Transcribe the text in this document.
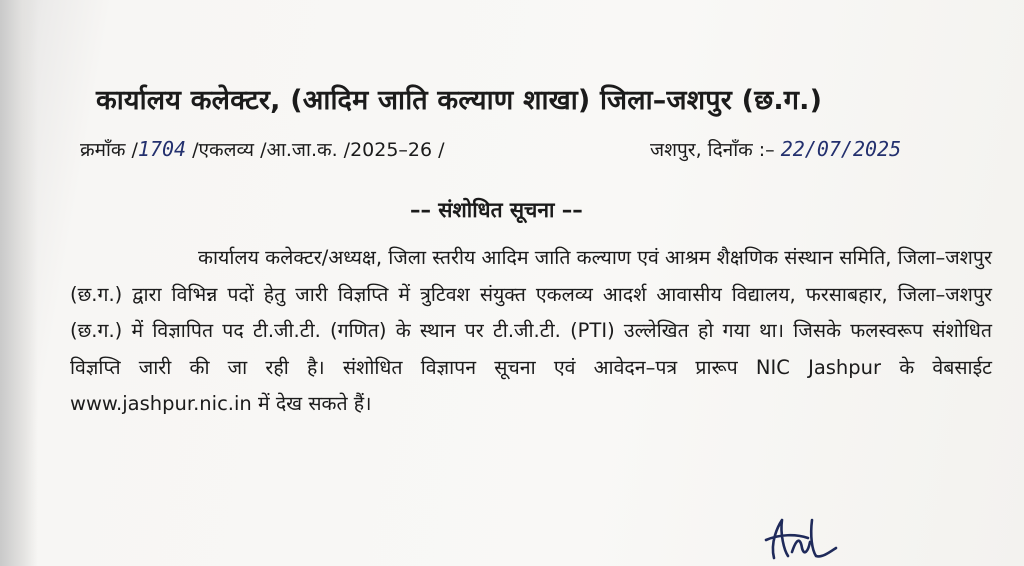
कार्यालय कलेक्टर, (आदिम जाति कल्याण शाखा) जिला–जशपुर (छ.ग.)
क्रमाँक /1704 /एकलव्य /आ.जा.क. /2025–26 /	जशपुर, दिनाँक :– 22/07/2025
–– संशोधित सूचना ––
कार्यालय कलेक्टर/अध्यक्ष, जिला स्तरीय आदिम जाति कल्याण एवं आश्रम शैक्षणिक संस्थान समिति, जिला–जशपुर (छ.ग.) द्वारा विभिन्न पदों हेतु जारी विज्ञप्ति में त्रुटिवश संयुक्त एकलव्य आदर्श आवासीय विद्यालय, फरसाबहार, जिला–जशपुर (छ.ग.) में विज्ञापित पद टी.जी.टी. (गणित) के स्थान पर टी.जी.टी. (PTI) उल्लेखित हो गया था। जिसके फलस्वरूप संशोधित विज्ञप्ति जारी की जा रही है। संशोधित विज्ञापन सूचना एवं आवेदन–पत्र प्रारूप NIC Jashpur के वेबसाईट www.jashpur.nic.in में देख सकते हैं।
